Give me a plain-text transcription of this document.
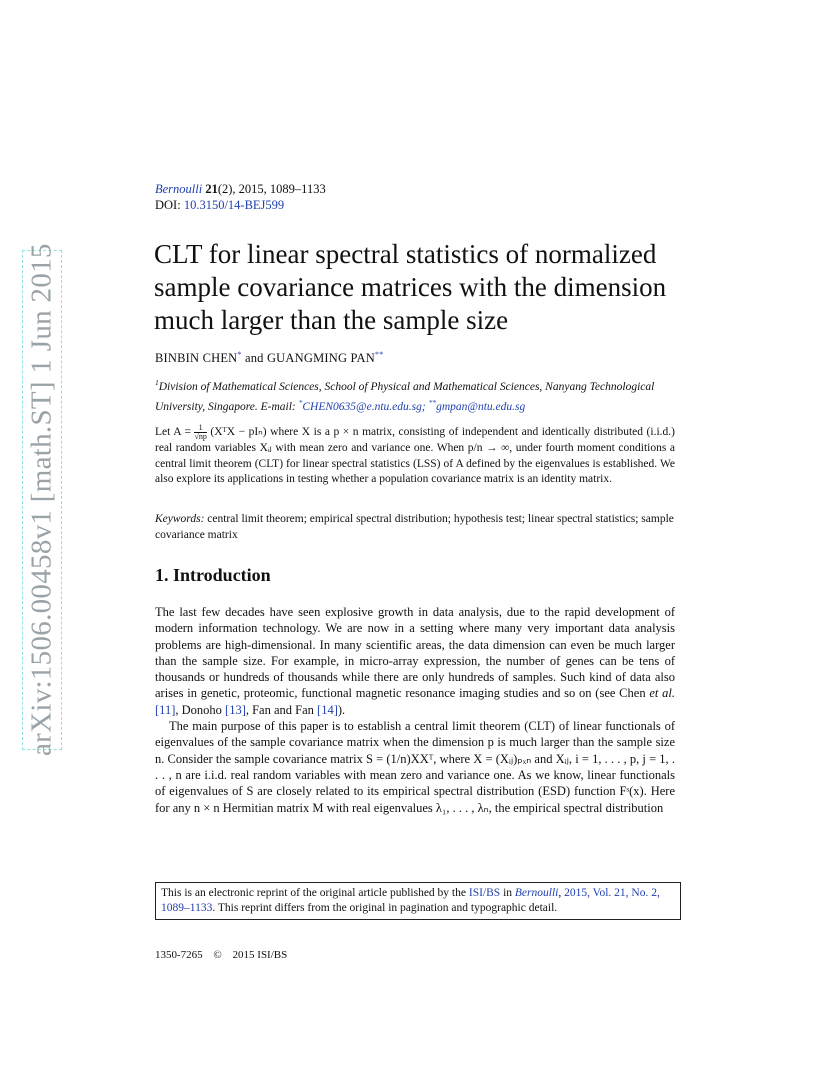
arXiv:1506.00458v1 [math.ST] 1 Jun 2015
Bernoulli 21(2), 2015, 1089–1133
DOI: 10.3150/14-BEJ599
CLT for linear spectral statistics of normalized sample covariance matrices with the dimension much larger than the sample size
BINBIN CHEN* and GUANGMING PAN**
$^1$Division of Mathematical Sciences, School of Physical and Mathematical Sciences, Nanyang Technological University, Singapore. E-mail: *CHEN0635@e.ntu.edu.sg; **gmpan@ntu.edu.sg
Let $A = \frac{1}{√np}$ (XᵀX − pIₙ) where X is a p × n matrix, consisting of independent and identically distributed (i.i.d.) real random variables Xᵢⱼ with mean zero and variance one. When p/n → ∞, under fourth moment conditions a central limit theorem (CLT) for linear spectral statistics (LSS) of A defined by the eigenvalues is established. We also explore its applications in testing whether a population covariance matrix is an identity matrix.
Keywords: central limit theorem; empirical spectral distribution; hypothesis test; linear spectral statistics; sample covariance matrix
1. Introduction

The last few decades have seen explosive growth in data analysis, due to the rapid development of modern information technology. We are now in a setting where many very important data analysis problems are high-dimensional. In many scientific areas, the data dimension can even be much larger than the sample size. For example, in micro-array expression, the number of genes can be tens of thousands or hundreds of thousands while there are only hundreds of samples. Such kind of data also arises in genetic, proteomic, functional magnetic resonance imaging studies and so on (see Chen et al. [11], Donoho [13], Fan and Fan [14]).

The main purpose of this paper is to establish a central limit theorem (CLT) of linear functionals of eigenvalues of the sample covariance matrix when the dimension p is much larger than the sample size n. Consider the sample covariance matrix S = (1/n)XXᵀ, where X = (Xᵢⱼ)ₚₓₙ and Xᵢⱼ, i = 1, . . . , p, j = 1, . . . , n are i.i.d. real random variables with mean zero and variance one. As we know, linear functionals of eigenvalues of S are closely related to its empirical spectral distribution (ESD) function Fˢ(x). Here for any n × n Hermitian matrix M with real eigenvalues λ₁, . . . , λₙ, the empirical spectral distribution

This is an electronic reprint of the original article published by the ISI/BS in Bernoulli, 2015, Vol. 21, No. 2, 1089–1133. This reprint differs from the original in pagination and typographic detail.
1350-7265 © 2015 ISI/BS
